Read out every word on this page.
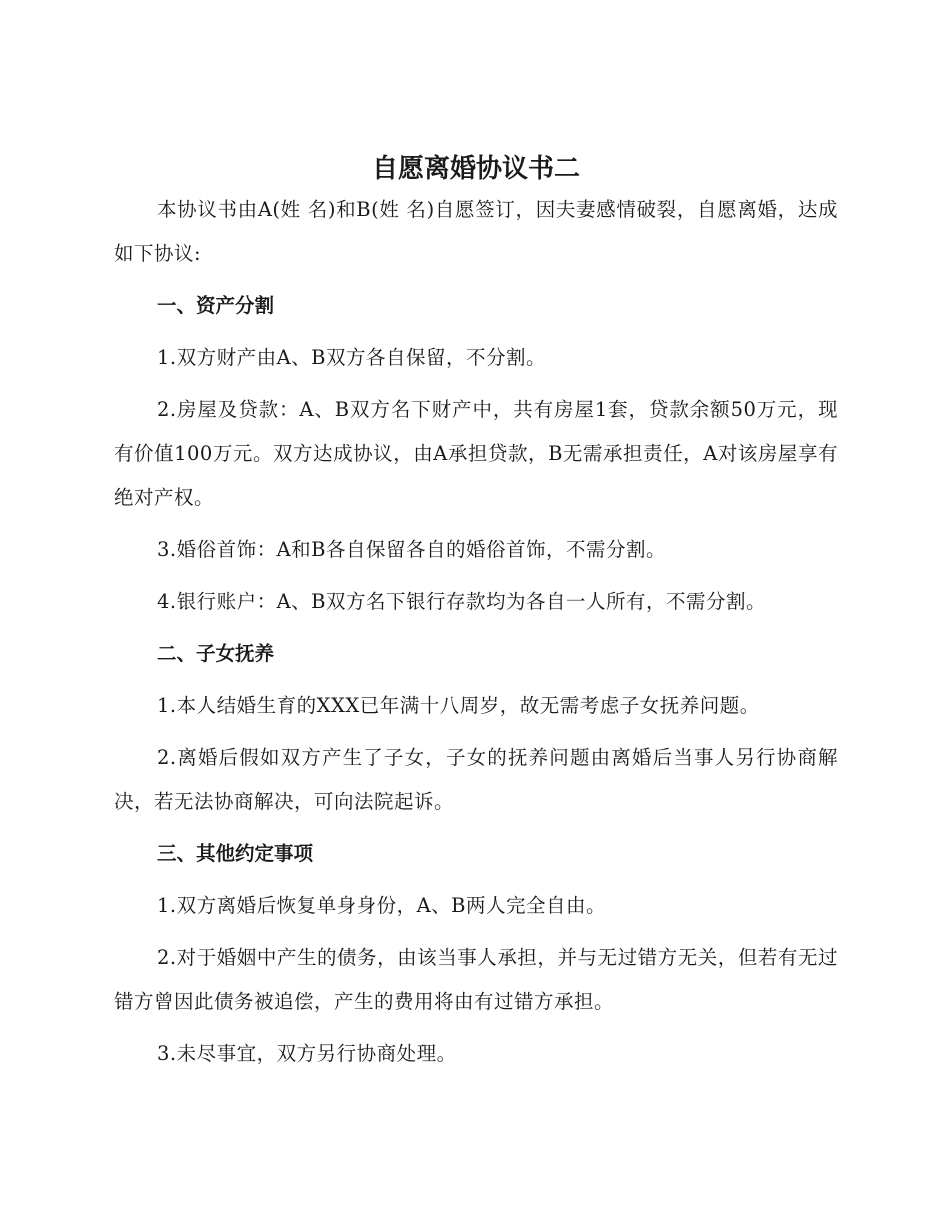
自愿离婚协议书二

本协议书由A(姓 名)和B(姓 名)自愿签订，因夫妻感情破裂，自愿离婚，达成如下协议:

一、资产分割

1.双方财产由A、B双方各自保留，不分割。

2.房屋及贷款：A、B双方名下财产中，共有房屋1套，贷款余额50万元，现有价值100万元。双方达成协议，由A承担贷款，B无需承担责任，A对该房屋享有绝对产权。

3.婚俗首饰：A和B各自保留各自的婚俗首饰，不需分割。

4.银行账户：A、B双方名下银行存款均为各自一人所有，不需分割。

二、子女抚养

1.本人结婚生育的XXX已年满十八周岁，故无需考虑子女抚养问题。

2.离婚后假如双方产生了子女，子女的抚养问题由离婚后当事人另行协商解决，若无法协商解决，可向法院起诉。

三、其他约定事项

1.双方离婚后恢复单身身份，A、B两人完全自由。

2.对于婚姻中产生的债务，由该当事人承担，并与无过错方无关，但若有无过错方曾因此债务被追偿，产生的费用将由有过错方承担。

3.未尽事宜，双方另行协商处理。
